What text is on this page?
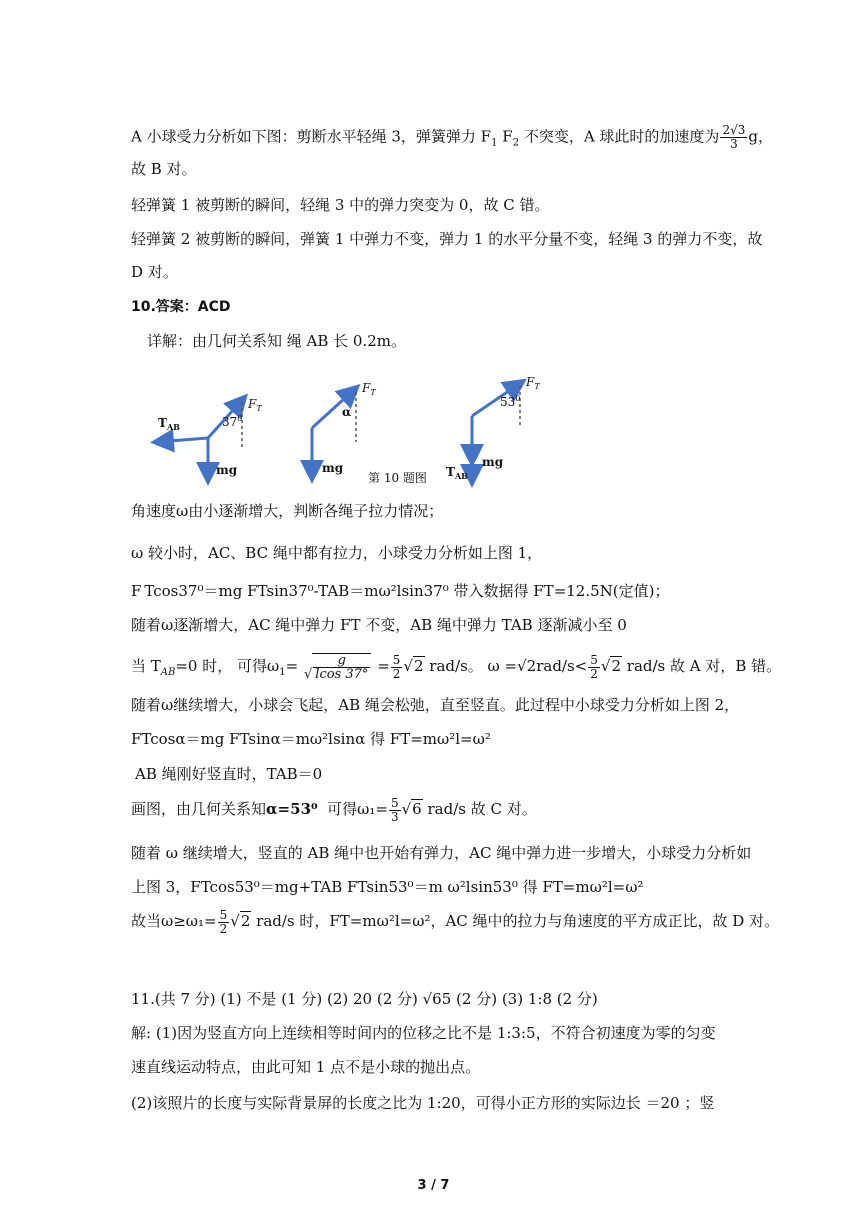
A 小球受力分析如下图：剪断水平轻绳 3，弹簧弹力 $F_1$ $F_2$ 不突变，A 球此时的加速度为 $\frac{2√3}{3}$ g，
故 B 对。
轻弹簧 1 被剪断的瞬间，轻绳 3 中的弹力突变为 0，故 C 错。
轻弹簧 2 被剪断的瞬间，弹簧 1 中弹力不变，弹力 1 的水平分量不变，轻绳 3 的弹力不变，故
D 对。
10.答案：ACD
详解：由几何关系知 绳 AB 长 0.2m。
$T_{AB}$
$F_T$
$37^0$
mg
$F_T$
α
mg
$F_T$
$53^0$
mg
$T_{AB}$
第 10 题图
角速度ω由小逐渐增大，判断各绳子拉力情况；
ω 较小时，AC、BC 绳中都有拉力，小球受力分析如上图 1，
F Tcos37⁰＝mg FTsin37⁰-TAB＝mω²lsin37⁰ 带入数据得 FT=12.5N(定值)；
随着ω逐渐增大，AC 绳中弹力 FT 不变，AB 绳中弹力 TAB 逐渐减小至 0
当 $T_{AB}=0$ 时， 可得$\omega_1=$ √ $\frac{g}{lcos 37^\circ} = \frac{5}{2} √2$ rad/s。 $\omega =√2rad/s< \frac{5}{2} √2$ rad/s 故 A 对，B 错。
随着ω继续增大，小球会飞起，AB 绳会松弛，直至竖直。此过程中小球受力分析如上图 2，
FTcosα＝mg FTsinα＝mω²lsinα 得 FT=mω²l=ω²
AB 绳刚好竖直时，TAB＝0
画图，由几何关系知α=53⁰ 可得$\omega_1= \frac{5}{3} √6$ rad/s 故 C 对。
随着 ω 继续增大，竖直的 AB 绳中也开始有弹力，AC 绳中弹力进一步增大，小球受力分析如
上图 3，FTcos53⁰＝mg+TAB FTsin53⁰＝m ω²lsin53⁰ 得 FT=mω²l=ω²
故当$\omega\ge\omega_1= \frac{5}{2} √2$ rad/s 时，FT=mω²l=ω²，AC 绳中的拉力与角速度的平方成正比，故 D 对。
11.(共 7 分) (1) 不是 (1 分) (2) 20 (2 分) √65 (2 分) (3) 1:8 (2 分)
解: (1)因为竖直方向上连续相等时间内的位移之比不是 1:3:5，不符合初速度为零的匀变
速直线运动特点，由此可知 1 点不是小球的抛出点。
(2)该照片的长度与实际背景屏的长度之比为 1:20，可得小正方形的实际边长 ＝20 ；竖
3 / 7
